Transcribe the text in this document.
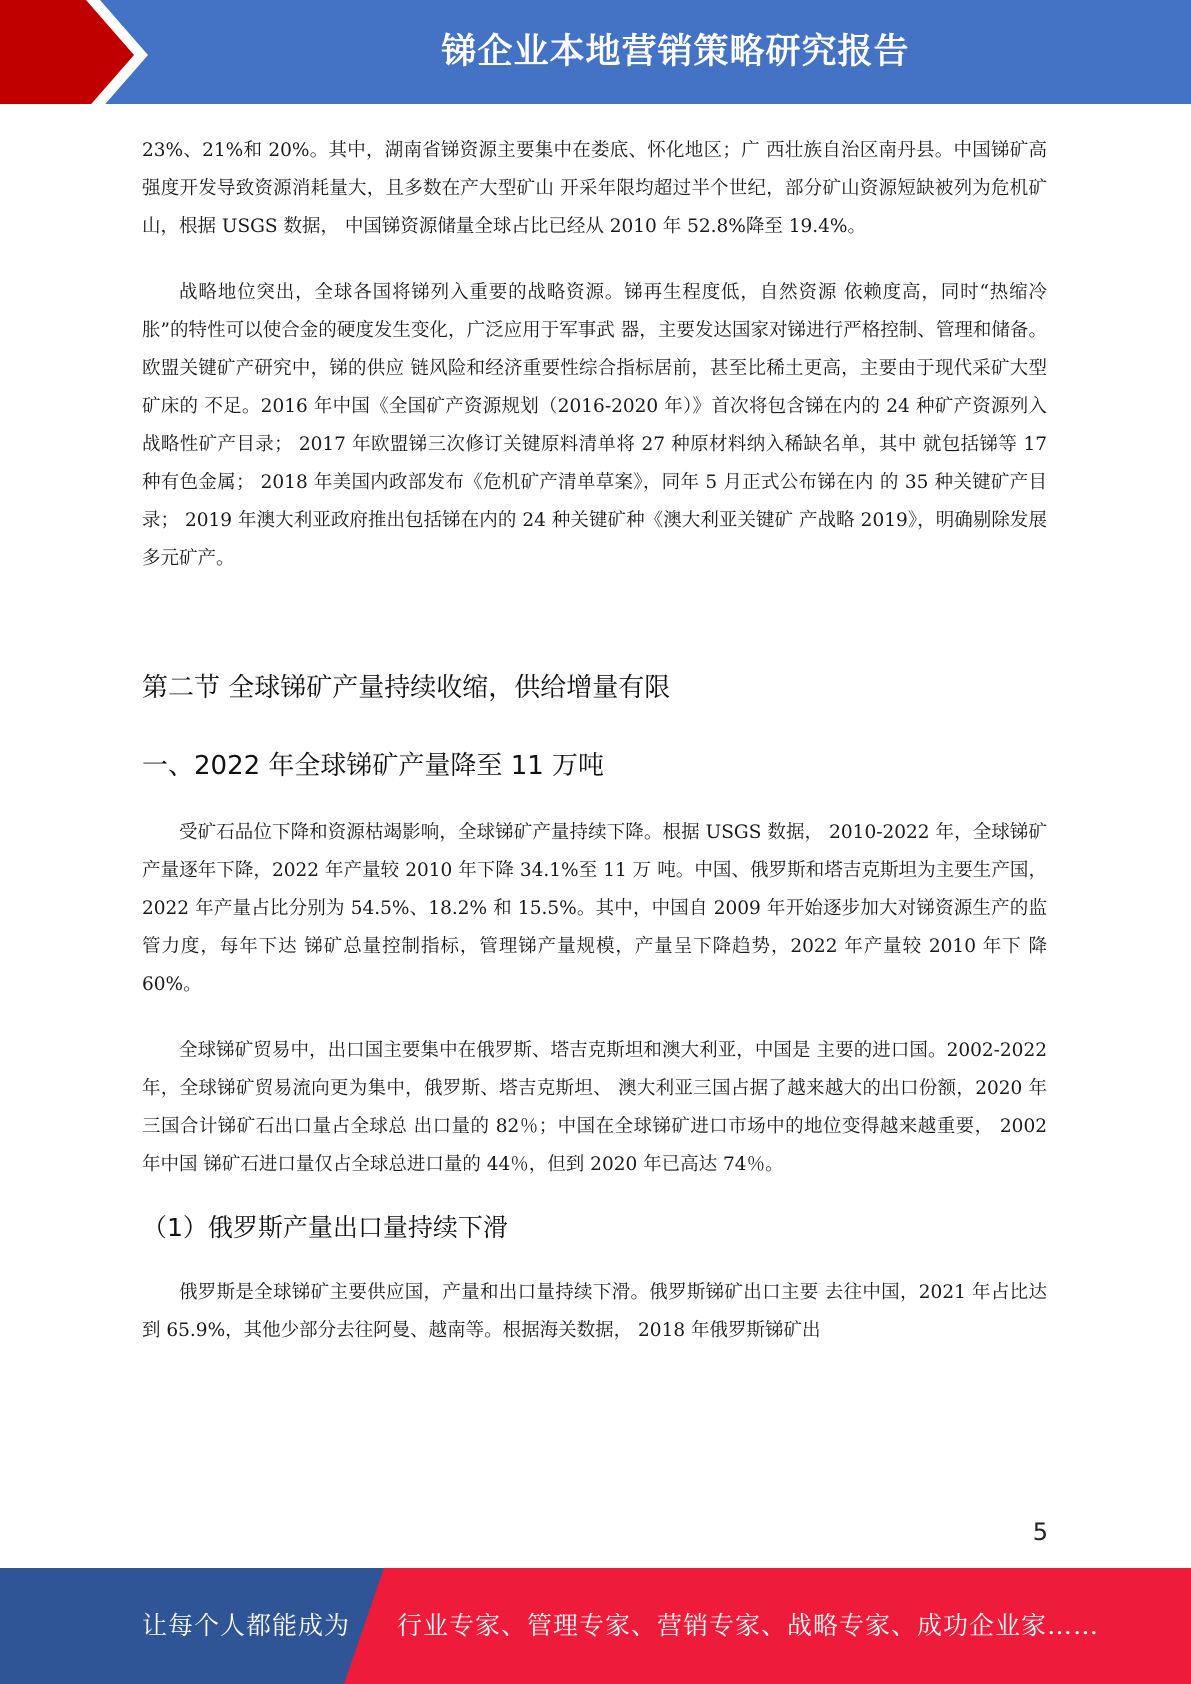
锑企业本地营销策略研究报告

23%、21%和 20%。其中，湖南省锑资源主要集中在娄底、怀化地区；广 西壮族自治区南丹县。中国锑矿高强度开发导致资源消耗量大，且多数在产大型矿山 开采年限均超过半个世纪，部分矿山资源短缺被列为危机矿山，根据 USGS 数据， 中国锑资源储量全球占比已经从 2010 年 52.8%降至 19.4%。

战略地位突出，全球各国将锑列入重要的战略资源。锑再生程度低，自然资源 依赖度高，同时“热缩冷胀”的特性可以使合金的硬度发生变化，广泛应用于军事武 器，主要发达国家对锑进行严格控制、管理和储备。欧盟关键矿产研究中，锑的供应 链风险和经济重要性综合指标居前，甚至比稀土更高，主要由于现代采矿大型矿床的 不足。2016 年中国《全国矿产资源规划（2016-2020 年）》首次将包含锑在内的 24 种矿产资源列入战略性矿产目录； 2017 年欧盟锑三次修订关键原料清单将 27 种原材料纳入稀缺名单，其中 就包括锑等 17 种有色金属； 2018 年美国内政部发布《危机矿产清单草案》，同年 5 月正式公布锑在内 的 35 种关键矿产目录； 2019 年澳大利亚政府推出包括锑在内的 24 种关键矿种《澳大利亚关键矿 产战略 2019》，明确剔除发展多元矿产。

第二节 全球锑矿产量持续收缩，供给增量有限
一、2022 年全球锑矿产量降至 11 万吨

受矿石品位下降和资源枯竭影响，全球锑矿产量持续下降。根据 USGS 数据， 2010-2022 年，全球锑矿产量逐年下降，2022 年产量较 2010 年下降 34.1%至 11 万 吨。中国、俄罗斯和塔吉克斯坦为主要生产国，2022 年产量占比分别为 54.5%、18.2% 和 15.5%。其中，中国自 2009 年开始逐步加大对锑资源生产的监管力度，每年下达 锑矿总量控制指标，管理锑产量规模，产量呈下降趋势，2022 年产量较 2010 年下 降 60%。

全球锑矿贸易中，出口国主要集中在俄罗斯、塔吉克斯坦和澳大利亚，中国是 主要的进口国。2002-2022 年，全球锑矿贸易流向更为集中，俄罗斯、塔吉克斯坦、 澳大利亚三国占据了越来越大的出口份额，2020 年三国合计锑矿石出口量占全球总 出口量的 82％；中国在全球锑矿进口市场中的地位变得越来越重要， 2002 年中国 锑矿石进口量仅占全球总进口量的 44％，但到 2020 年已高达 74％。

（1）俄罗斯产量出口量持续下滑

俄罗斯是全球锑矿主要供应国，产量和出口量持续下滑。俄罗斯锑矿出口主要 去往中国，2021 年占比达到 65.9%，其他少部分去往阿曼、越南等。根据海关数据， 2018 年俄罗斯锑矿出

5
让每个人都能成为 行业专家、管理专家、营销专家、战略专家、成功企业家……
